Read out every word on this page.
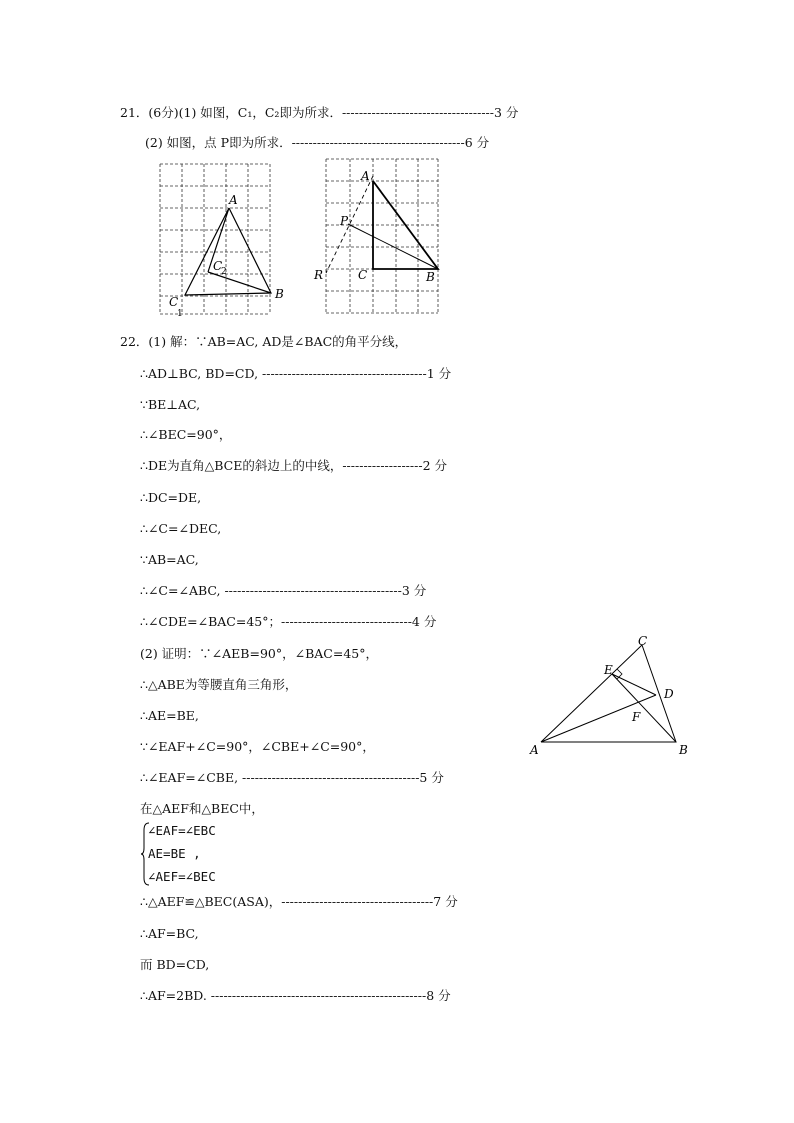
21．(6分)(1) 如图，C₁，C₂即为所求．------------------------------------3 分
(2) 如图，点 P即为所求．-----------------------------------------6 分
A
B
C
1
C
2
A
P
C	B
R
22．(1) 解：∵AB=AC, AD是∠BAC的角平分线，
∴AD⊥BC, BD=CD, ---------------------------------------1 分
∵BE⊥AC,
∴∠BEC=90°，
∴DE为直角△BCE的斜边上的中线，-------------------2 分
∴DC=DE,
∴∠C=∠DEC,
∵AB=AC,
∴∠C=∠ABC, ------------------------------------------3 分
∴∠CDE=∠BAC=45°；-------------------------------4 分
(2) 证明：∵∠AEB=90°，∠BAC=45°，
∴△ABE为等腰直角三角形，
∴AE=BE,
∵∠EAF+∠C=90°，∠CBE+∠C=90°，
∴∠EAF=∠CBE, ------------------------------------------5 分
在△AEF和△BEC中，
∠EAF=∠EBC
AE=BE ,
∠AEF=∠BEC
∴△AEF≌△BEC(ASA)，------------------------------------7 分
∴AF=BC,
而 BD=CD,
∴AF=2BD. ---------------------------------------------------8 分
C
E
D
F
A	B
